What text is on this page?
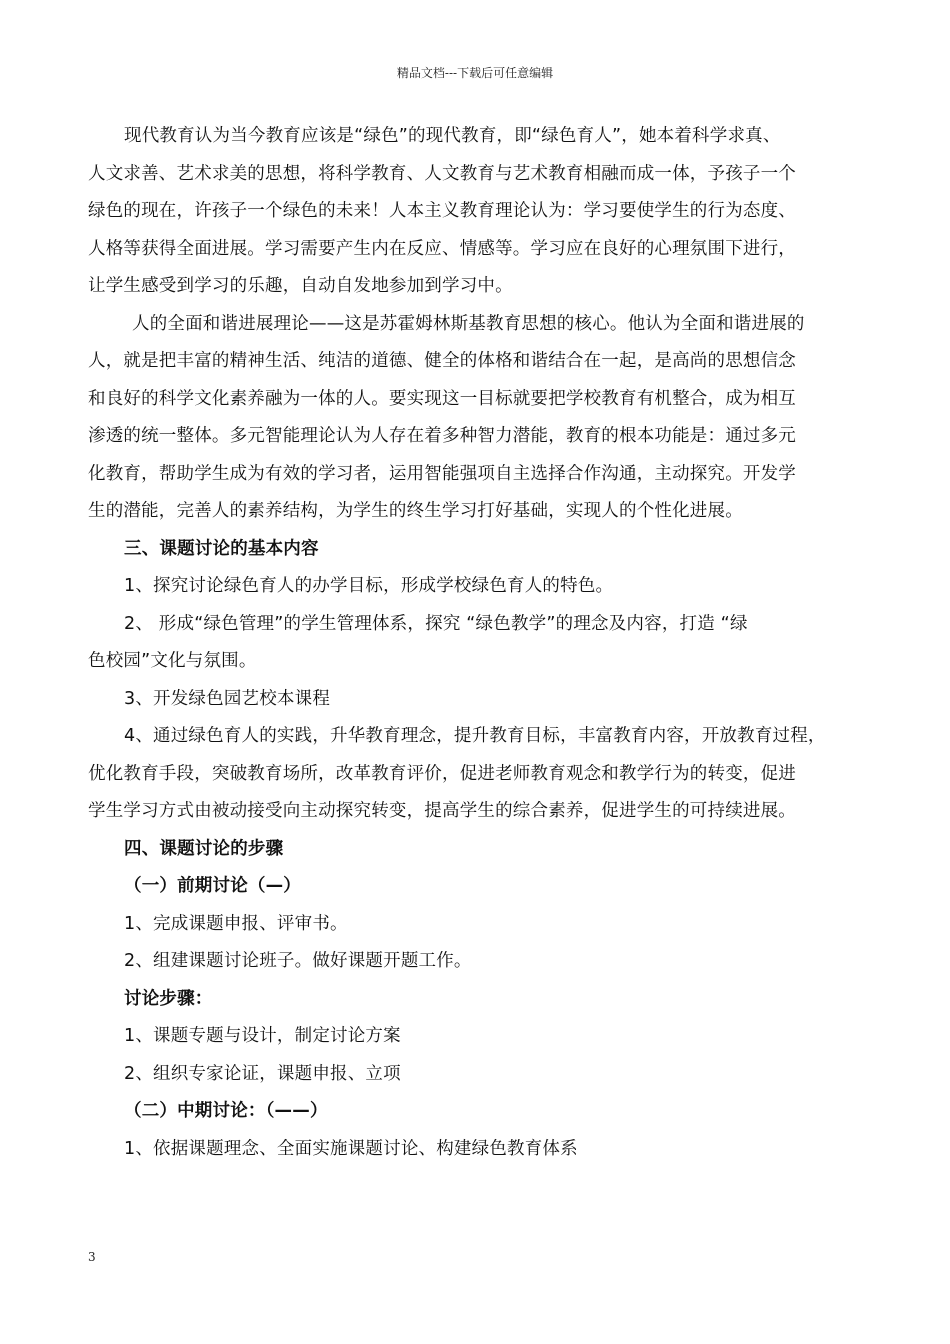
精品文档---下载后可任意编辑
现代教育认为当今教育应该是“绿色”的现代教育，即“绿色育人”，她本着科学求真、
人文求善、艺术求美的思想，将科学教育、人文教育与艺术教育相融而成一体，予孩子一个
绿色的现在，许孩子一个绿色的未来！人本主义教育理论认为：学习要使学生的行为态度、
人格等获得全面进展。学习需要产生内在反应、情感等。学习应在良好的心理氛围下进行，
让学生感受到学习的乐趣，自动自发地参加到学习中。
人的全面和谐进展理论——这是苏霍姆林斯基教育思想的核心。他认为全面和谐进展的
人，就是把丰富的精神生活、纯洁的道德、健全的体格和谐结合在一起，是高尚的思想信念
和良好的科学文化素养融为一体的人。要实现这一目标就要把学校教育有机整合，成为相互
渗透的统一整体。多元智能理论认为人存在着多种智力潜能，教育的根本功能是：通过多元
化教育，帮助学生成为有效的学习者，运用智能强项自主选择合作沟通，主动探究。开发学
生的潜能，完善人的素养结构，为学生的终生学习打好基础，实现人的个性化进展。
三、课题讨论的基本内容
1、探究讨论绿色育人的办学目标，形成学校绿色育人的特色。
2、 形成“绿色管理”的学生管理体系，探究 “绿色教学”的理念及内容，打造 “绿
色校园”文化与氛围。
3、开发绿色园艺校本课程
4、通过绿色育人的实践，升华教育理念，提升教育目标，丰富教育内容，开放教育过程，
优化教育手段，突破教育场所，改革教育评价，促进老师教育观念和教学行为的转变，促进
学生学习方式由被动接受向主动探究转变，提高学生的综合素养，促进学生的可持续进展。
四、课题讨论的步骤
（一）前期讨论（—）
1、完成课题申报、评审书。
2、组建课题讨论班子。做好课题开题工作。
讨论步骤：
1、课题专题与设计，制定讨论方案
2、组织专家论证，课题申报、立项
（二）中期讨论：（——）
1、依据课题理念、全面实施课题讨论、构建绿色教育体系
3
